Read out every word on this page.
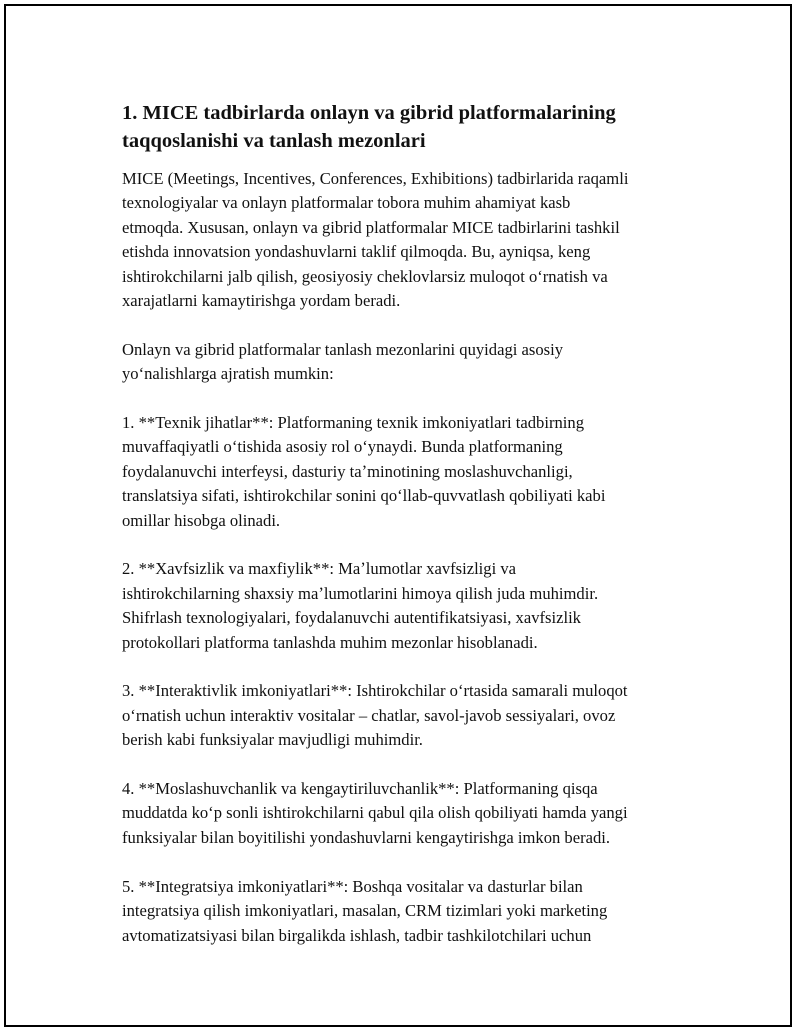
1. MICE tadbirlarda onlayn va gibrid platformalarining
taqqoslanishi va tanlash mezonlari

MICE (Meetings, Incentives, Conferences, Exhibitions) tadbirlarida raqamli
texnologiyalar va onlayn platformalar tobora muhim ahamiyat kasb
etmoqda. Xususan, onlayn va gibrid platformalar MICE tadbirlarini tashkil
etishda innovatsion yondashuvlarni taklif qilmoqda. Bu, ayniqsa, keng
ishtirokchilarni jalb qilish, geosiyosiy cheklovlarsiz muloqot oʻrnatish va
xarajatlarni kamaytirishga yordam beradi.

Onlayn va gibrid platformalar tanlash mezonlarini quyidagi asosiy
yoʻnalishlarga ajratish mumkin:

1. **Texnik jihatlar**: Platformaning texnik imkoniyatlari tadbirning
muvaffaqiyatli oʻtishida asosiy rol oʻynaydi. Bunda platformaning
foydalanuvchi interfeysi, dasturiy taʼminotining moslashuvchanligi,
translatsiya sifati, ishtirokchilar sonini qoʻllab-quvvatlash qobiliyati kabi
omillar hisobga olinadi.

2. **Xavfsizlik va maxfiylik**: Maʼlumotlar xavfsizligi va
ishtirokchilarning shaxsiy maʼlumotlarini himoya qilish juda muhimdir.
Shifrlash texnologiyalari, foydalanuvchi autentifikatsiyasi, xavfsizlik
protokollari platforma tanlashda muhim mezonlar hisoblanadi.

3. **Interaktivlik imkoniyatlari**: Ishtirokchilar oʻrtasida samarali muloqot
oʻrnatish uchun interaktiv vositalar – chatlar, savol-javob sessiyalari, ovoz
berish kabi funksiyalar mavjudligi muhimdir.

4. **Moslashuvchanlik va kengaytiriluvchanlik**: Platformaning qisqa
muddatda koʻp sonli ishtirokchilarni qabul qila olish qobiliyati hamda yangi
funksiyalar bilan boyitilishi yondashuvlarni kengaytirishga imkon beradi.

5. **Integratsiya imkoniyatlari**: Boshqa vositalar va dasturlar bilan
integratsiya qilish imkoniyatlari, masalan, CRM tizimlari yoki marketing
avtomatizatsiyasi bilan birgalikda ishlash, tadbir tashkilotchilari uchun
